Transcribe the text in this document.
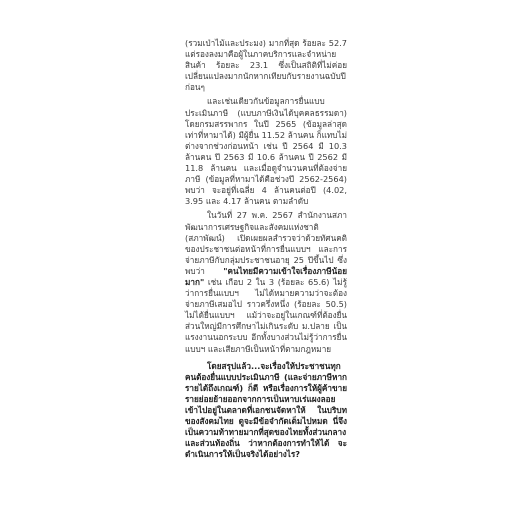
(รวมเป่าไม้และประมง) มากที่สุด ร้อยละ 52.7 แต่รองลงมาคือผู้ในภาคบริการและจำหน่ายสินค้า ร้อยละ 23.1 ซึ่งเป็นสถิติที่ไม่ค่อยเปลี่ยนแปลงมากนักหากเทียบกับรายงานฉบับปีก่อนๆ

และเช่นเดียวกันข้อมูลการยื่นแบบประเมินภาษี (แบบภาษีเงินได้บุคคลธรรมดา) โดยกรมสรรพากร ในปี 2565 (ข้อมูลล่าสุดเท่าที่หามาได้) มีผู้ยื่น 11.52 ล้านคน ก็แทบไม่ต่างจากช่วงก่อนหน้า เช่น ปี 2564 มี 10.3 ล้านคน ปี 2563 มี 10.6 ล้านคน ปี 2562 มี 11.8 ล้านคน และเมื่อดูจำนวนคนที่ต้องจ่ายภาษี (ข้อมูลที่หามาได้คือช่วงปี 2562-2564) พบว่า จะอยู่ที่เฉลี่ย 4 ล้านคนต่อปี (4.02, 3.95 และ 4.17 ล้านคน ตามลำดับ

ในวันที่ 27 พ.ค. 2567 สำนักงานสภาพัฒนาการเศรษฐกิจและสังคมแห่งชาติ (สภาพัฒน์) เปิดเผยผลสำรวจว่าด้วยทัศนคติของประชาชนต่อหน้าที่การยื่นแบบฯ และการจ่ายภาษีกับกลุ่มประชาชนอายุ 25 ปีขึ้นไป ซึ่งพบว่า "คนไทยมีความเข้าใจเรื่องภาษีน้อยมาก" เช่น เกือบ 2 ใน 3 (ร้อยละ 65.6) ไม่รู้ว่าการยื่นแบบฯ ไม่ได้หมายความว่าจะต้องจ่ายภาษีเสมอไป ราวครึ่งหนึ่ง (ร้อยละ 50.5) ไม่ได้ยื่นแบบฯ แม้ว่าจะอยู่ในเกณฑ์ที่ต้องยื่น ส่วนใหญ่มีการศึกษาไม่เกินระดับ ม.ปลาย เป็นแรงงานนอกระบบ อีกทั้งบางส่วนไม่รู้ว่าการยื่นแบบฯ และเสียภาษีเป็นหน้าที่ตามกฎหมาย

โดยสรุปแล้ว...จะเรื่องให้ประชาชนทุกคนต้องยื่นแบบประเมินภาษี (และจ่ายภาษีหากรายได้ถึงเกณฑ์) ก็ดี หรือเรื่องการให้ผู้ค้าขายรายย่อยย้ายออกจากการเป็นหาบเร่แผงลอยเข้าไปอยู่ในตลาดที่เอกชนจัดหาให้ ในบริบทของสังคมไทย ดูจะมีข้อจำกัดเต็มไปหมด นี่จึงเป็นความท้าทายมากที่สุดของไทยทั้งส่วนกลางและส่วนท้องถิ่น ว่าหากต้องการทำให้ได้ จะดำเนินการให้เป็นจริงได้อย่างไร?
